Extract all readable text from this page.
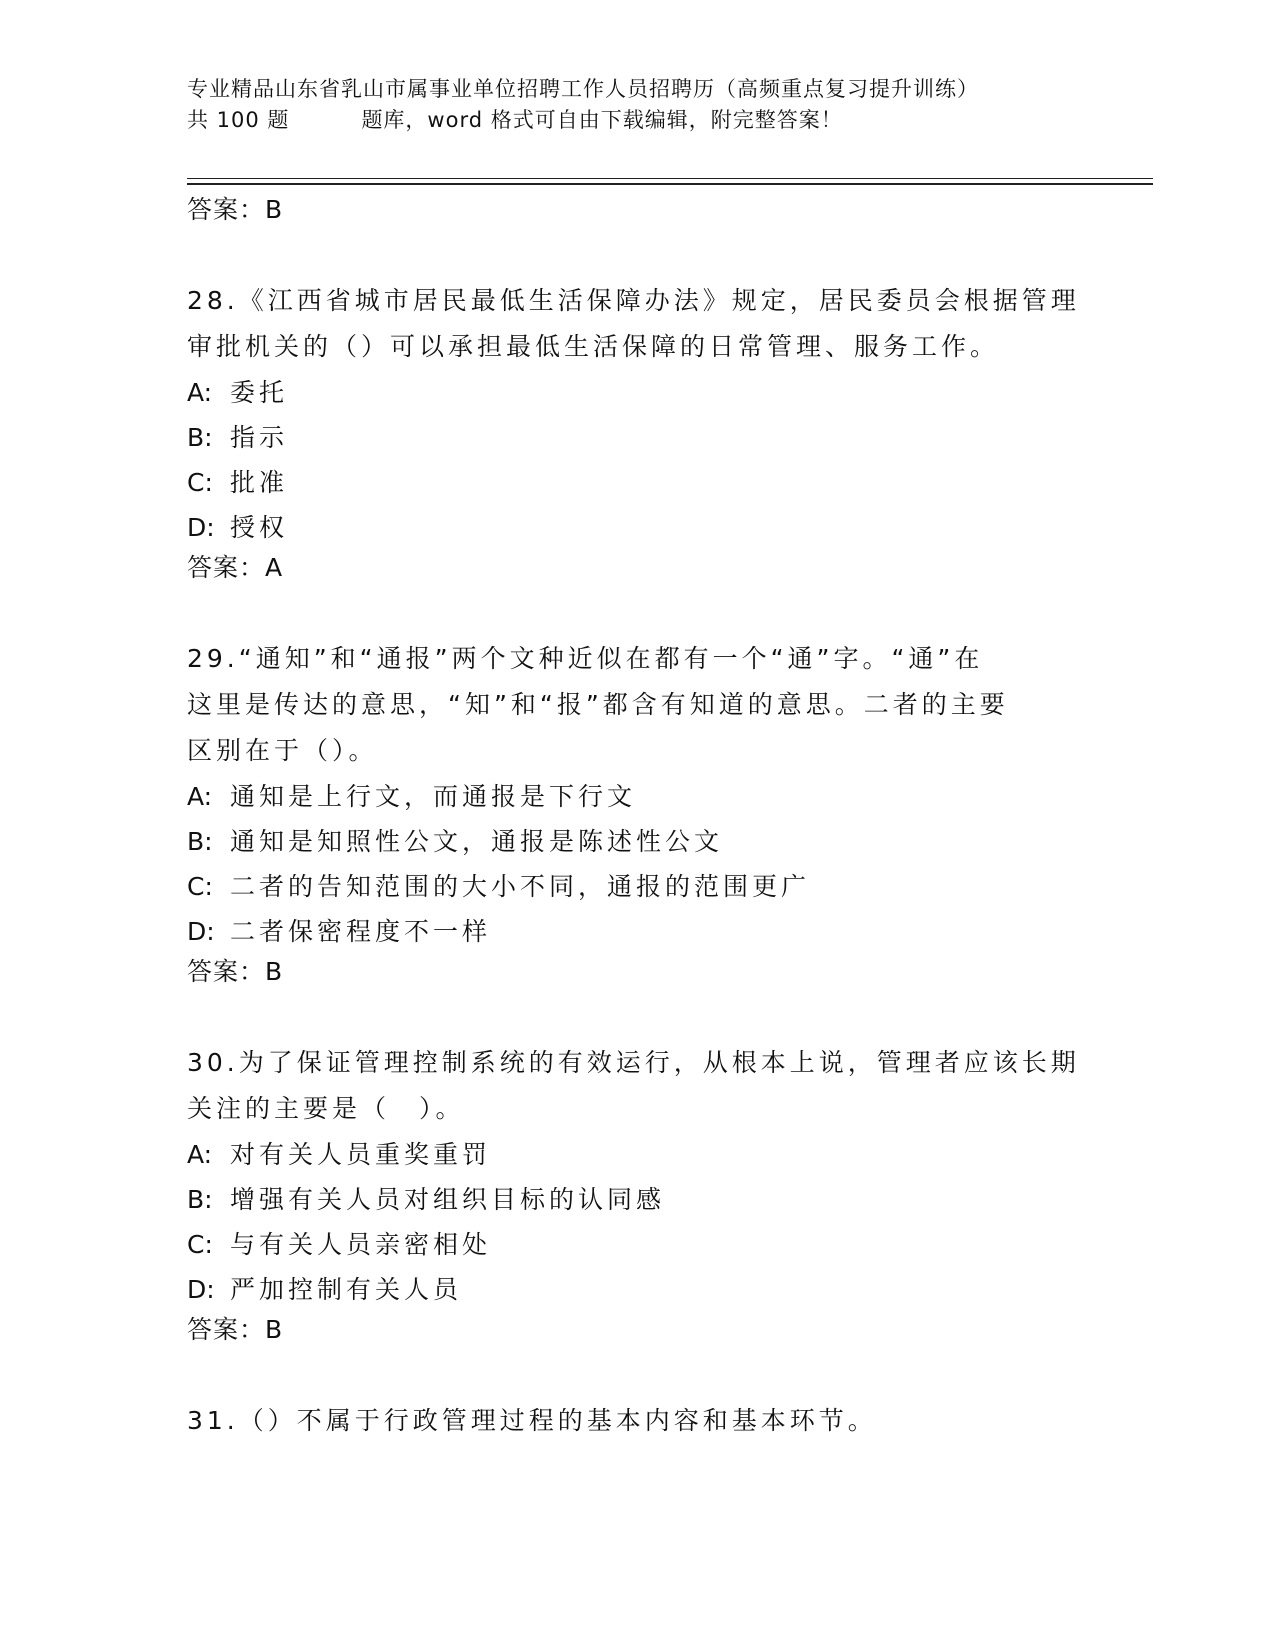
专业精品山东省乳山市属事业单位招聘工作人员招聘历（高频重点复习提升训练）
共 100 题	题库，word 格式可自由下载编辑，附完整答案！
答案：B
28.《江西省城市居民最低生活保障办法》规定，居民委员会根据管理
审批机关的（）可以承担最低生活保障的日常管理、服务工作。
A: 委托
B: 指示
C: 批准
D: 授权
答案：A
29.“通知”和“通报”两个文种近似在都有一个“通”字。“通”在
这里是传达的意思，“知”和“报”都含有知道的意思。二者的主要
区别在于（）。
A: 通知是上行文，而通报是下行文
B: 通知是知照性公文，通报是陈述性公文
C: 二者的告知范围的大小不同，通报的范围更广
D: 二者保密程度不一样
答案：B
30.为了保证管理控制系统的有效运行，从根本上说，管理者应该长期
关注的主要是（　）。
A: 对有关人员重奖重罚
B: 增强有关人员对组织目标的认同感
C: 与有关人员亲密相处
D: 严加控制有关人员
答案：B
31.（）不属于行政管理过程的基本内容和基本环节。
